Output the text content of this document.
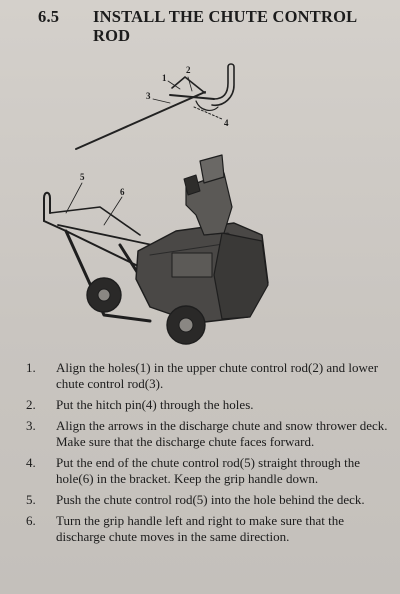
6.5 INSTALL THE CHUTE CONTROL ROD
1
2
3
4
5
6
1. Align the holes(1) in the upper chute control rod(2) and lower chute control rod(3).
2. Put the hitch pin(4) through the holes.
3. Align the arrows in the discharge chute and snow thrower deck. Make sure that the discharge chute faces forward.
4. Put the end of the chute control rod(5) straight through the hole(6) in the bracket. Keep the grip handle down.
5. Push the chute control rod(5) into the hole behind the deck.
6. Turn the grip handle left and right to make sure that the discharge chute moves in the same direction.
